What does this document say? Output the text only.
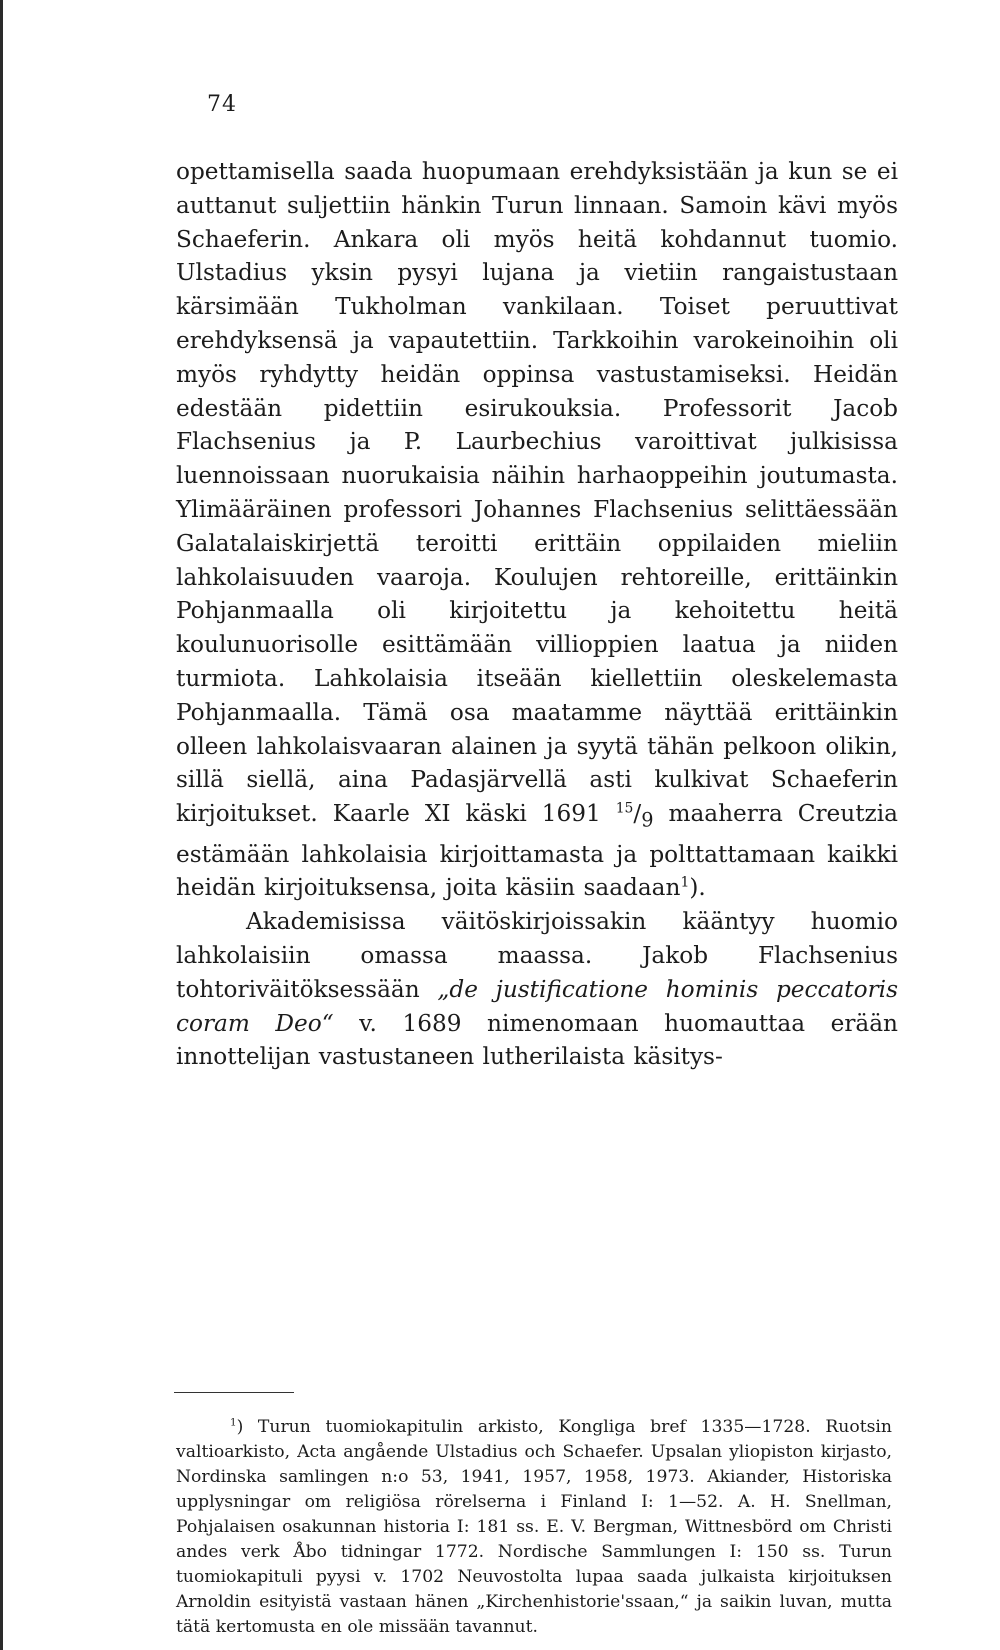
74

opettamisella saada huopumaan erehdyksistään ja kun se ei auttanut suljettiin hänkin Turun linnaan. Samoin kävi myös Schaeferin. Ankara oli myös heitä kohdannut tuomio. Ulstadius yksin pysyi lujana ja vietiin rangaistustaan kärsimään Tukholman vankilaan. Toiset peruuttivat erehdyksensä ja vapautettiin. Tarkkoihin varokeinoihin oli myös ryhdytty heidän oppinsa vastustamiseksi. Heidän edestään pidettiin esirukouksia. Professorit Jacob Flachsenius ja P. Laurbechius varoittivat julkisissa luennoissaan nuorukaisia näihin harhaoppeihin joutumasta. Ylimääräinen professori Johannes Flachsenius selittäessään Galatalaiskirjettä teroitti erittäin oppilaiden mieliin lahkolaisuuden vaaroja. Koulujen rehtoreille, erittäinkin Pohjanmaalla oli kirjoitettu ja kehoitettu heitä koulunuorisolle esittämään villioppien laatua ja niiden turmiota. Lahkolaisia itseään kiellettiin oleskelemasta Pohjanmaalla. Tämä osa maatamme näyttää erittäinkin olleen lahkolaisvaaran alainen ja syytä tähän pelkoon olikin, sillä siellä, aina Padasjärvellä asti kulkivat Schaeferin kirjoitukset. Kaarle XI käski 1691 $^{15}/_9$ maaherra Creutzia estämään lahkolaisia kirjoittamasta ja polttattamaan kaikki heidän kirjoituksensa, joita käsiin saadaan$^1$).

Akademisissa väitöskirjoissakin kääntyy huomio lahkolaisiin omassa maassa. Jakob Flachsenius tohtoriväitöksessään „de justificatione hominis peccatoris coram Deo“ v. 1689 nimenomaan huomauttaa erään innottelijan vastustaneen lutherilaista käsitys-

$^1$) Turun tuomiokapitulin arkisto, Kongliga bref 1335—1728. Ruotsin valtioarkisto, Acta angående Ulstadius och Schaefer. Upsalan yliopiston kirjasto, Nordinska samlingen n:o 53, 1941, 1957, 1958, 1973. Akiander, Historiska upplysningar om religiösa rörelserna i Finland I: 1—52. A. H. Snellman, Pohjalaisen osakunnan historia I: 181 ss. E. V. Bergman, Wittnesbörd om Christi andes verk Åbo tidningar 1772. Nordische Sammlungen I: 150 ss. Turun tuomiokapituli pyysi v. 1702 Neuvostolta lupaa saada julkaista kirjoituksen Arnoldin esityistä vastaan hänen „Kirchenhistorie'ssaan,“ ja saikin luvan, mutta tätä kertomusta en ole missään tavannut.
